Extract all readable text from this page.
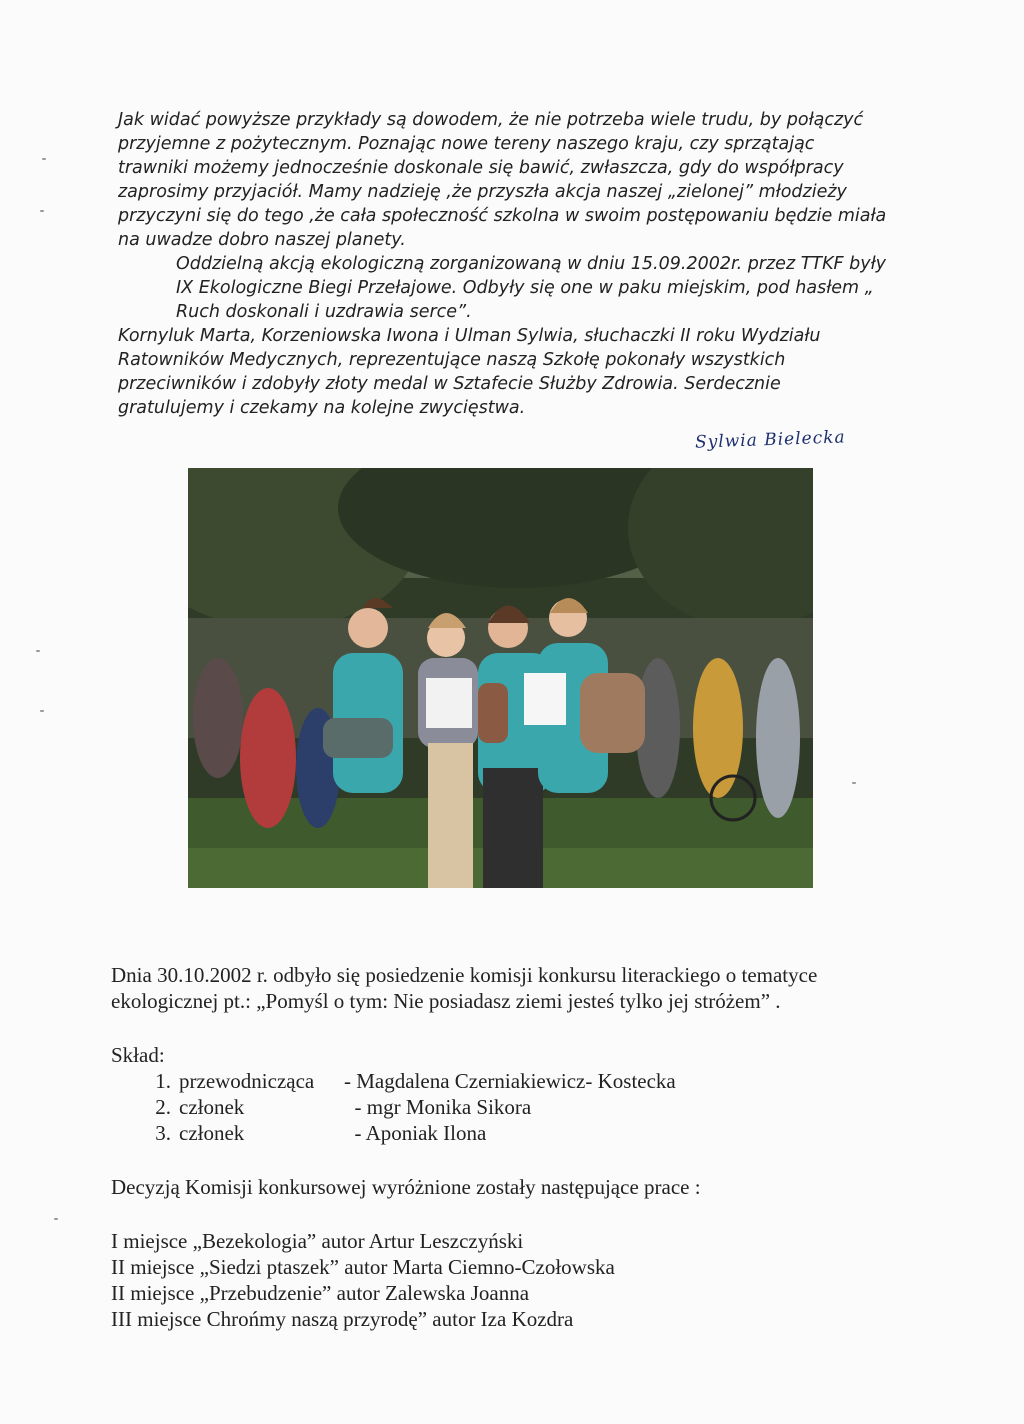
Jak widać powyższe przykłady są dowodem, że nie potrzeba wiele trudu, by połączyć przyjemne z pożytecznym. Poznając nowe tereny naszego kraju, czy sprzątając trawniki możemy jednocześnie doskonale się bawić, zwłaszcza, gdy do współpracy zaprosimy przyjaciół. Mamy nadzieję ,że przyszła akcja naszej „zielonej” młodzieży przyczyni się do tego ,że cała społeczność szkolna w swoim postępowaniu będzie miała na uwadze dobro naszej planety.

Oddzielną akcją ekologiczną zorganizowaną w dniu 15.09.2002r. przez TTKF były IX Ekologiczne Biegi Przełajowe. Odbyły się one w paku miejskim, pod hasłem „ Ruch doskonali i uzdrawia serce”.

Kornyluk Marta, Korzeniowska Iwona i Ulman Sylwia, słuchaczki II roku Wydziału Ratowników Medycznych, reprezentujące naszą Szkołę pokonały wszystkich przeciwników i zdobyły złoty medal w Sztafecie Służby Zdrowia. Serdecznie gratulujemy i czekamy na kolejne zwycięstwa.

Sylwia Bielecka

Dnia 30.10.2002 r. odbyło się posiedzenie komisji konkursu literackiego o tematyce ekologicznej pt.: „Pomyśl o tym: Nie posiadasz ziemi jesteś tylko jej stróżem” .

Skład:

1. przewodnicząca	- Magdalena Czerniakiewicz- Kostecka
2. członek	- mgr Monika Sikora
3. członek	- Aponiak Ilona

Decyzją Komisji konkursowej wyróżnione zostały następujące prace :

I miejsce „Bezekologia” autor Artur Leszczyński

II miejsce „Siedzi ptaszek” autor Marta Ciemno-Czołowska

II miejsce „Przebudzenie” autor Zalewska Joanna

III miejsce Chrońmy naszą przyrodę” autor Iza Kozdra
